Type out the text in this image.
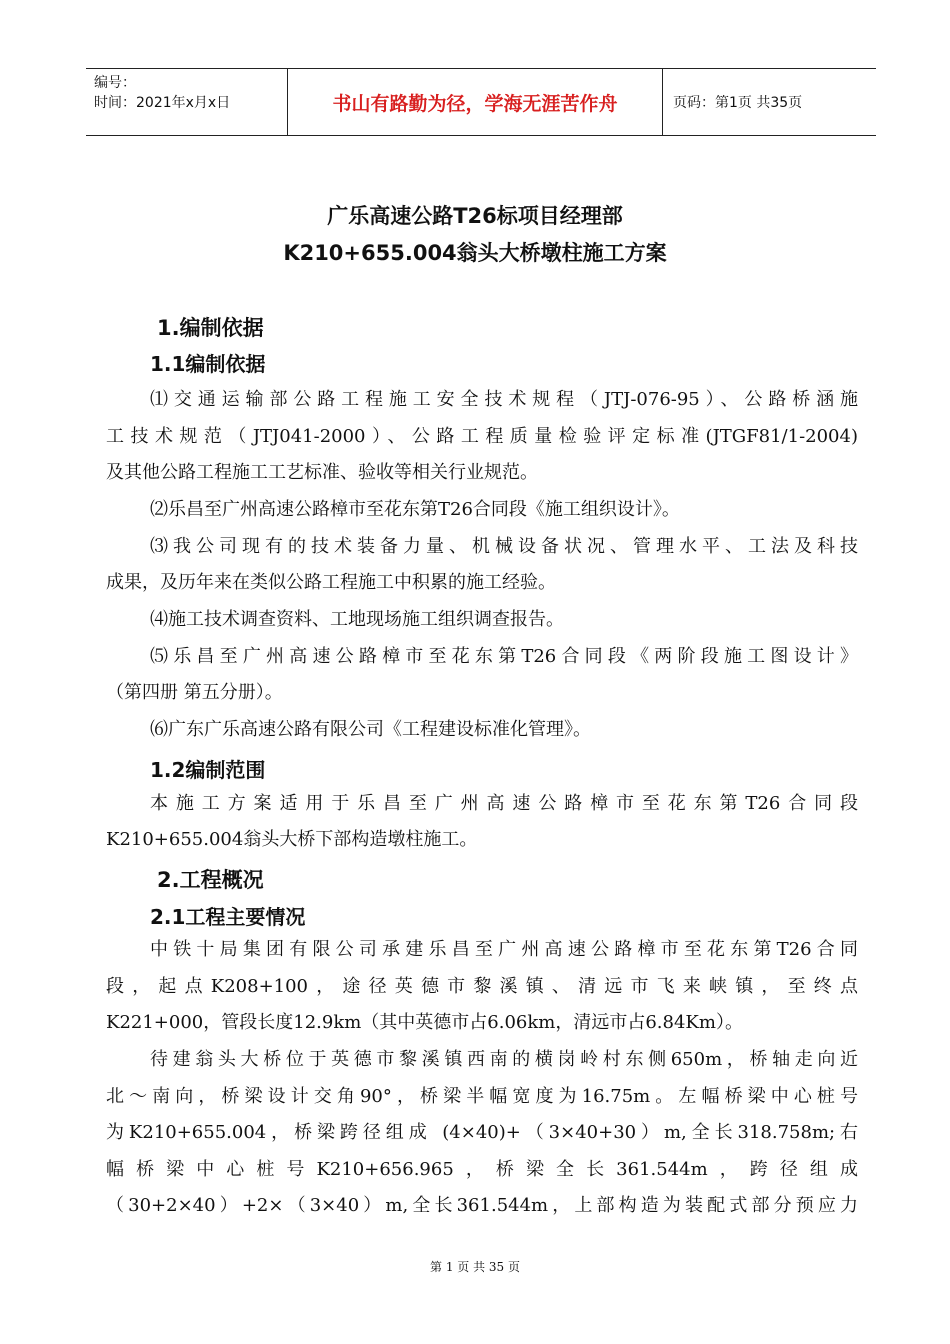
编号：
时间：2021年x月x日	书山有路勤为径，学海无涯苦作舟	页码：第1页 共35页
广乐高速公路T26标项目经理部
K210+655.004翁头大桥墩柱施工方案
1.编制依据
1.1编制依据
⑴交通运输部公路工程施工安全技术规程（JTJ-076-95）、公路桥涵施
工技术规范（JTJ041-2000）、公路工程质量检验评定标准(JTGF81/1-2004)
及其他公路工程施工工艺标准、验收等相关行业规范。
⑵乐昌至广州高速公路樟市至花东第T26合同段《施工组织设计》。
⑶我公司现有的技术装备力量、机械设备状况、管理水平、工法及科技
成果，及历年来在类似公路工程施工中积累的施工经验。
⑷施工技术调查资料、工地现场施工组织调查报告。
⑸乐昌至广州高速公路樟市至花东第T26合同段《两阶段施工图设计》
（第四册 第五分册）。
⑹广东广乐高速公路有限公司《工程建设标准化管理》。
1.2编制范围
本施工方案适用于乐昌至广州高速公路樟市至花东第T26合同段
K210+655.004翁头大桥下部构造墩柱施工。
2.工程概况
2.1工程主要情况
中铁十局集团有限公司承建乐昌至广州高速公路樟市至花东第T26合同
段，起点K208+100，途径英德市黎溪镇、清远市飞来峡镇，至终点
K221+000，管段长度12.9km（其中英德市占6.06km，清远市占6.84Km）。
待建翁头大桥位于英德市黎溪镇西南的横岗岭村东侧650m，桥轴走向近
北～南向，桥梁设计交角90°，桥梁半幅宽度为16.75m。左幅桥梁中心桩号
为K210+655.004，桥梁跨径组成 (4×40)+（3×40+30）m,全长318.758m;右
幅桥梁中心桩号K210+656.965，桥梁全长361.544m，跨径组成
（30+2×40）+2×（3×40）m,全长361.544m，上部构造为装配式部分预应力
第 1 页 共 35 页
